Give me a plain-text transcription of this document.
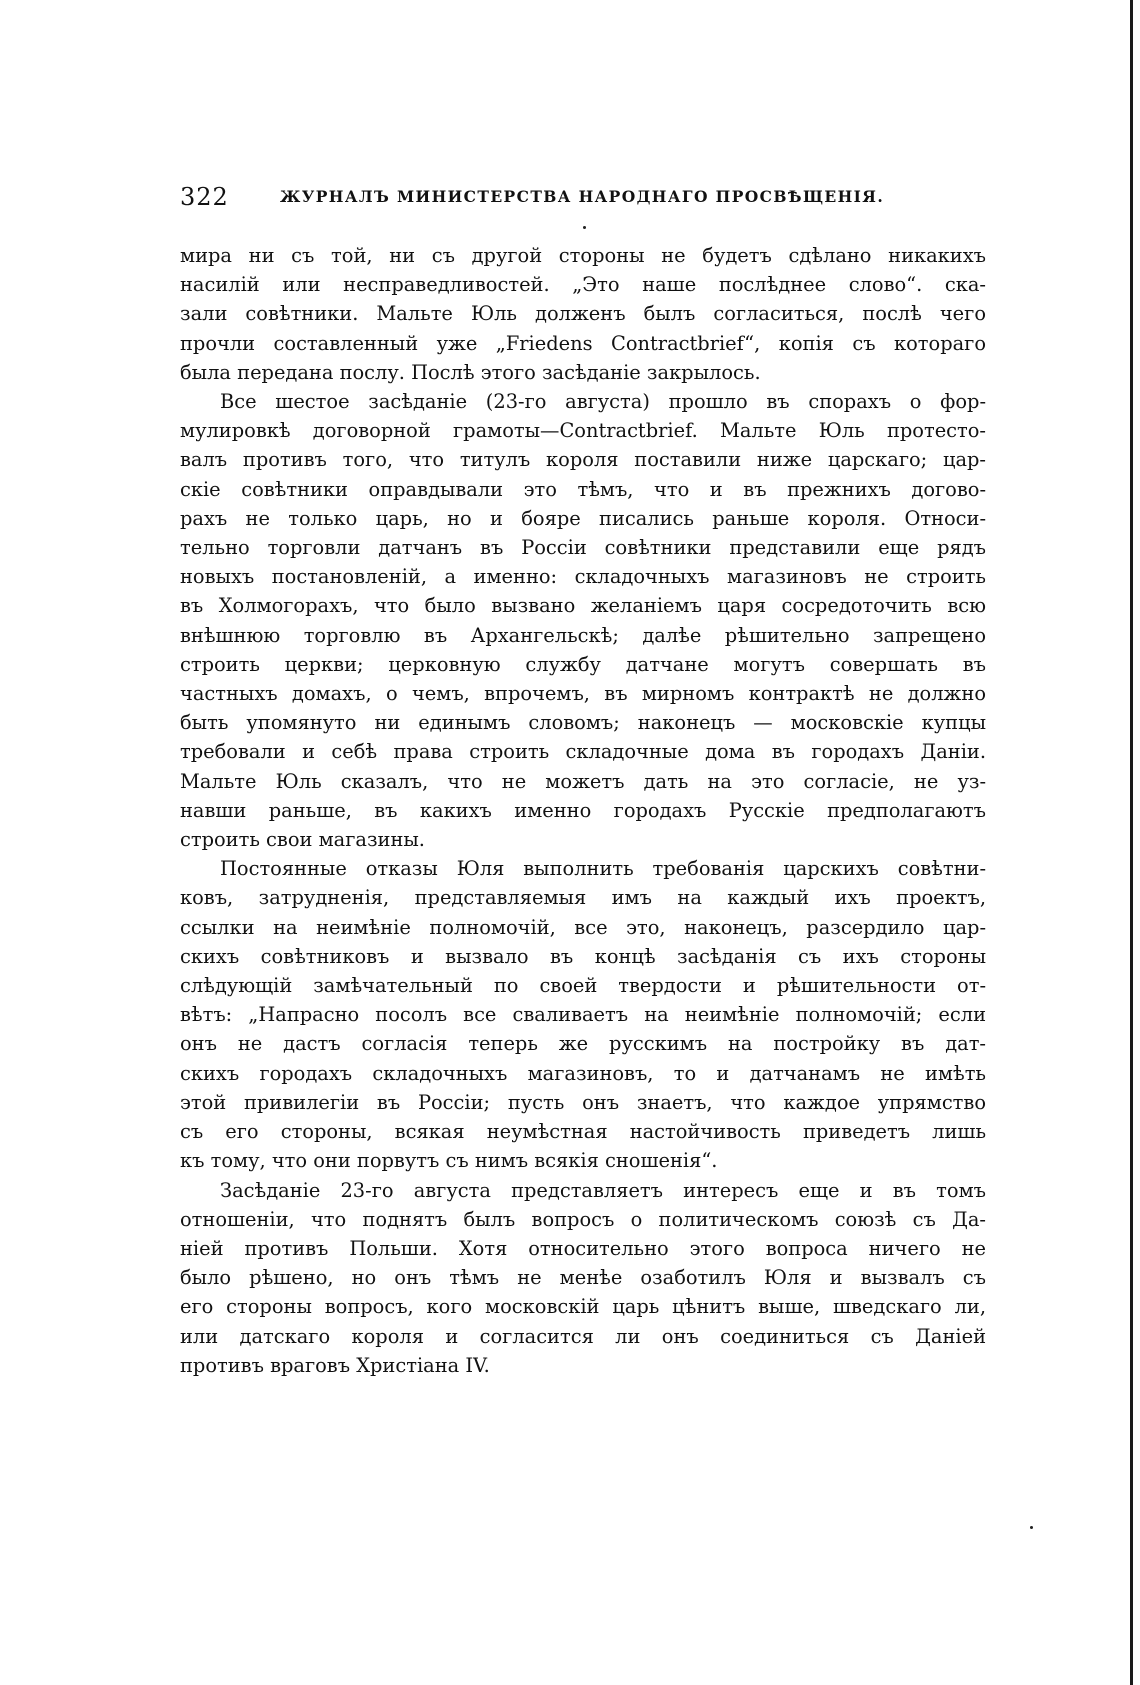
322	ЖУРНАЛЪ МИНИСТЕРСТВА НАРОДНАГО ПРОСВѢЩЕНІЯ.
мира ни съ той, ни съ другой стороны не будетъ сдѣлано никакихъ
насилій или несправедливостей. „Это наше послѣднее слово“. ска-
зали совѣтники. Мальте Юль долженъ былъ согласиться, послѣ чего
прочли составленный уже „Friedens Contractbrief“, копія съ котораго
была передана послу. Послѣ этого засѣданіе закрылось.
Все шестое засѣданіе (23-го августа) прошло въ спорахъ о фор-
мулировкѣ договорной грамоты—Contractbrief. Мальте Юль протесто-
валъ противъ того, что титулъ короля поставили ниже царскаго; цар-
скіе совѣтники оправдывали это тѣмъ, что и въ прежнихъ догово-
рахъ не только царь, но и бояре писались раньше короля. Относи-
тельно торговли датчанъ въ Россіи совѣтники представили еще рядъ
новыхъ постановленій, а именно: складочныхъ магазиновъ не строить
въ Холмогорахъ, что было вызвано желаніемъ царя сосредоточить всю
внѣшнюю торговлю въ Архангельскѣ; далѣе рѣшительно запрещено
строить церкви; церковную службу датчане могутъ совершать въ
частныхъ домахъ, о чемъ, впрочемъ, въ мирномъ контрактѣ не должно
быть упомянуто ни единымъ словомъ; наконецъ — московскіе купцы
требовали и себѣ права строить складочные дома въ городахъ Даніи.
Мальте Юль сказалъ, что не можетъ дать на это согласіе, не уз-
навши раньше, въ какихъ именно городахъ Русскіе предполагаютъ
строить свои магазины.
Постоянные отказы Юля выполнить требованія царскихъ совѣтни-
ковъ, затрудненія, представляемыя имъ на каждый ихъ проектъ,
ссылки на неимѣніе полномочій, все это, наконецъ, разсердило цар-
скихъ совѣтниковъ и вызвало въ концѣ засѣданія съ ихъ стороны
слѣдующій замѣчательный по своей твердости и рѣшительности от-
вѣтъ: „Напрасно посолъ все сваливаетъ на неимѣніе полномочій; если
онъ не дастъ согласія теперь же русскимъ на постройку въ дат-
скихъ городахъ складочныхъ магазиновъ, то и датчанамъ не имѣть
этой привилегіи въ Россіи; пусть онъ знаетъ, что каждое упрямство
съ его стороны, всякая неумѣстная настойчивость приведетъ лишь
къ тому, что они порвутъ съ нимъ всякія сношенія“.
Засѣданіе 23-го августа представляетъ интересъ еще и въ томъ
отношеніи, что поднятъ былъ вопросъ о политическомъ союзѣ съ Да-
ніей противъ Польши. Хотя относительно этого вопроса ничего не
было рѣшено, но онъ тѣмъ не менѣе озаботилъ Юля и вызвалъ съ
его стороны вопросъ, кого московскій царь цѣнитъ выше, шведскаго ли,
или датскаго короля и согласится ли онъ соединиться съ Даніей
противъ враговъ Христіана IV.
